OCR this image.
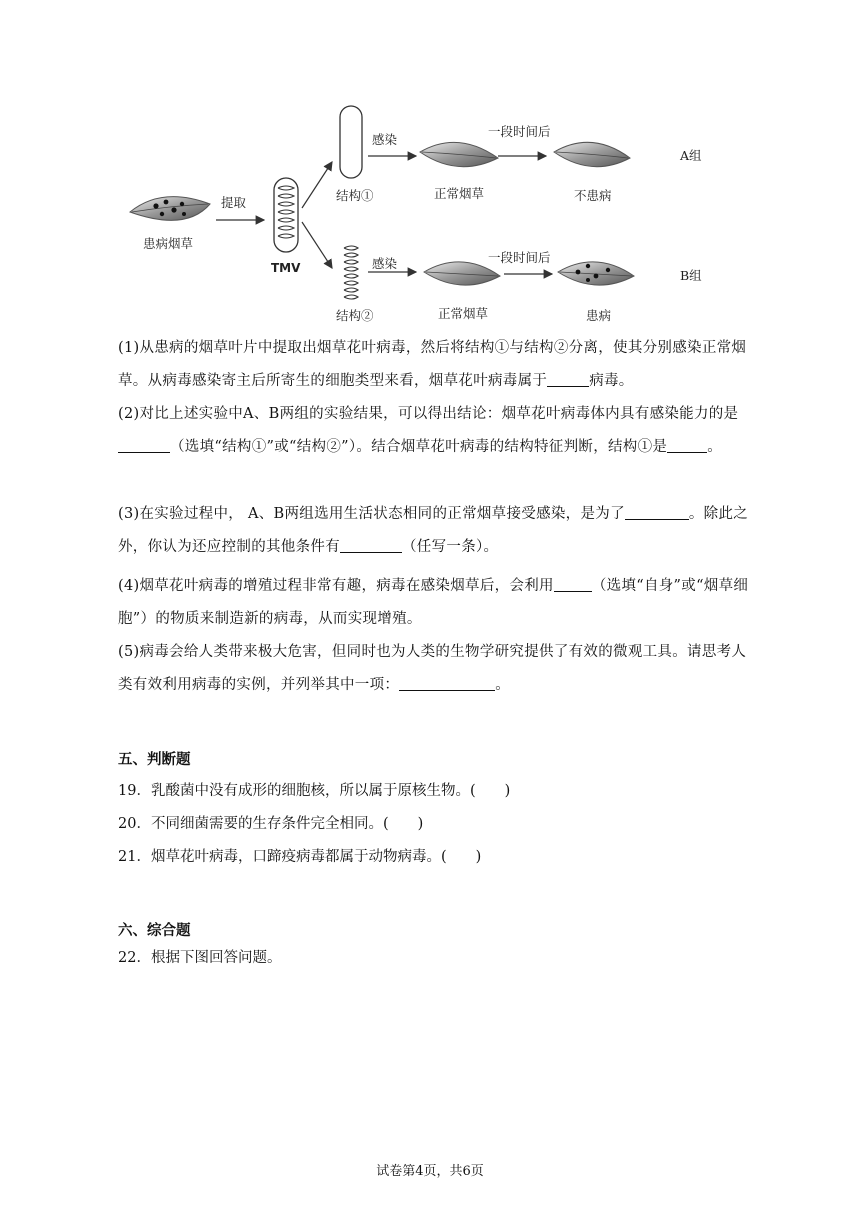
患病烟草
提取
TMV
结构①
结构②
感染
正常烟草
一段时间后
不患病
A组
感染
正常烟草
一段时间后
患病
B组
(1)从患病的烟草叶片中提取出烟草花叶病毒，然后将结构①与结构②分离，使其分别感染正常烟草。从病毒感染寄主后所寄生的细胞类型来看，烟草花叶病毒属于	病毒。
(2)对比上述实验中A、B两组的实验结果，可以得出结论：烟草花叶病毒体内具有感染能力的是（选填“结构①”或“结构②”）。结合烟草花叶病毒的结构特征判断，结构①是	。
(3)在实验过程中， A、B两组选用生活状态相同的正常烟草接受感染，是为了	。除此之外，你认为还应控制的其他条件有	（任写一条）。
(4)烟草花叶病毒的增殖过程非常有趣，病毒在感染烟草后，会利用	（选填“自身”或“烟草细胞”）的物质来制造新的病毒，从而实现增殖。
(5)病毒会给人类带来极大危害，但同时也为人类的生物学研究提供了有效的微观工具。请思考人类有效利用病毒的实例，并列举其中一项：	。
五、判断题
19．乳酸菌中没有成形的细胞核，所以属于原核生物。(　　)
20．不同细菌需要的生存条件完全相同。(　　)
21．烟草花叶病毒，口蹄疫病毒都属于动物病毒。(　　)
六、综合题
22．根据下图回答问题。
试卷第4页，共6页
